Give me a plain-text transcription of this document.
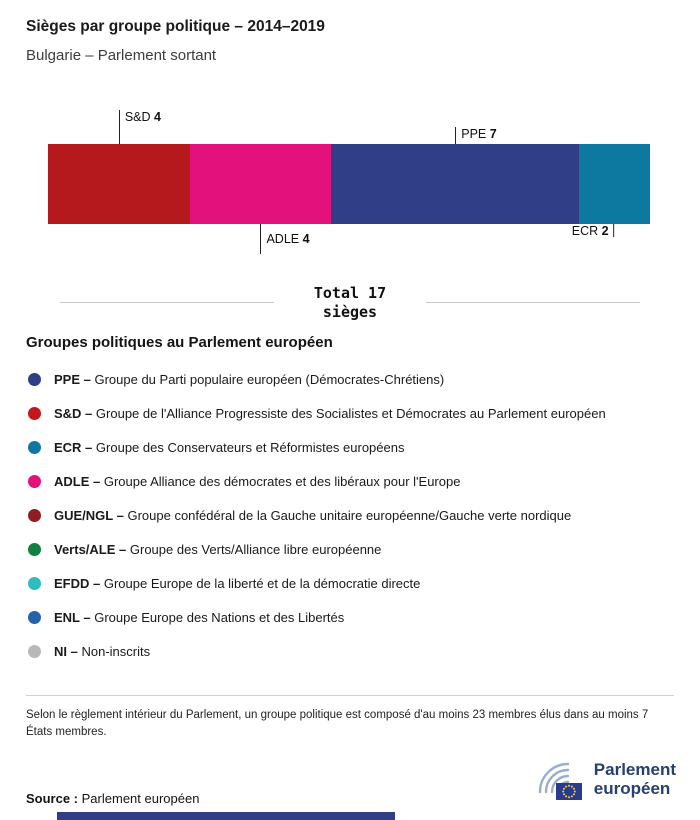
Sièges par groupe politique – 2014–2019
Bulgarie – Parlement sortant
S&D 4
PPE 7
ADLE 4
ECR 2
Total 17
sièges
Groupes politiques au Parlement européen
PPE – Groupe du Parti populaire européen (Démocrates-Chrétiens)
S&D – Groupe de l'Alliance Progressiste des Socialistes et Démocrates au Parlement européen
ECR – Groupe des Conservateurs et Réformistes européens
ADLE – Groupe Alliance des démocrates et des libéraux pour l'Europe
GUE/NGL – Groupe confédéral de la Gauche unitaire européenne/Gauche verte nordique
Verts/ALE – Groupe des Verts/Alliance libre européenne
EFDD – Groupe Europe de la liberté et de la démocratie directe
ENL – Groupe Europe des Nations et des Libertés
NI – Non-inscrits
Selon le règlement intérieur du Parlement, un groupe politique est composé d'au moins 23 membres élus dans au moins 7 États membres.
Source : Parlement européen
Parlement
européen
